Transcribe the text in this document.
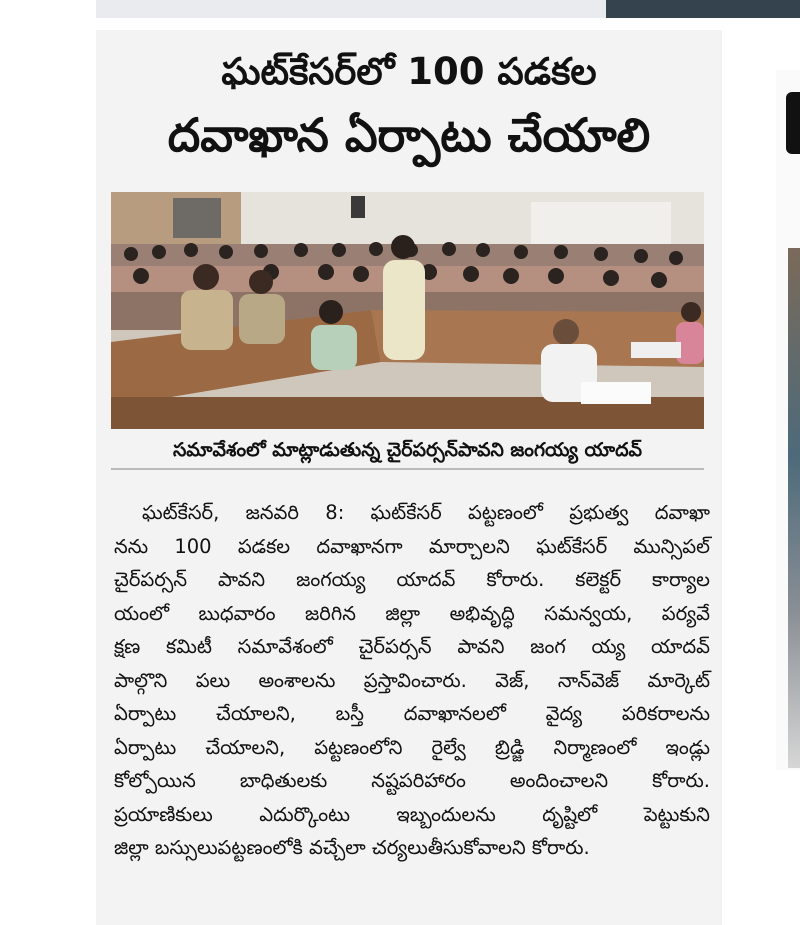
ఘట్‌కేసర్‌లో 100 పడకల
దవాఖాన ఏర్పాటు చేయాలి
సమావేశంలో మాట్లాడుతున్న చైర్‌పర్సన్‌పావని జంగయ్య యాదవ్
ఘట్‌కేసర్, జనవరి 8: ఘట్‌కేసర్ పట్టణంలో ప్రభుత్వ దవాఖా
నను 100 పడకల దవాఖానగా మార్చాలని ఘట్‌కేసర్ మున్సిపల్
చైర్‌పర్సన్ పావని జంగయ్య యాదవ్ కోరారు. కలెక్టర్ కార్యాల
యంలో బుధవారం జరిగిన జిల్లా అభివృద్ధి సమన్వయ, పర్యవే
క్షణ కమిటీ సమావేశంలో చైర్‌పర్సన్ పావని జంగ య్య యాదవ్
పాల్గొని పలు అంశాలను ప్రస్తావించారు. వెజ్, నాన్‌వెజ్ మార్కెట్
ఏర్పాటు చేయాలని, బస్తీ దవాఖానలలో వైద్య పరికరాలను
ఏర్పాటు చేయాలని, పట్టణంలోని రైల్వే బ్రిడ్జి నిర్మాణంలో ఇండ్లు
కోల్పోయిన బాధితులకు నష్టపరిహారం అందించాలని కోరారు.
ప్రయాణికులు ఎదుర్కొంటు ఇబ్బందులను దృష్టిలో పెట్టుకుని
జిల్లా బస్సులుపట్టణంలోకి వచ్చేలా చర్యలుతీసుకోవాలని కోరారు.
